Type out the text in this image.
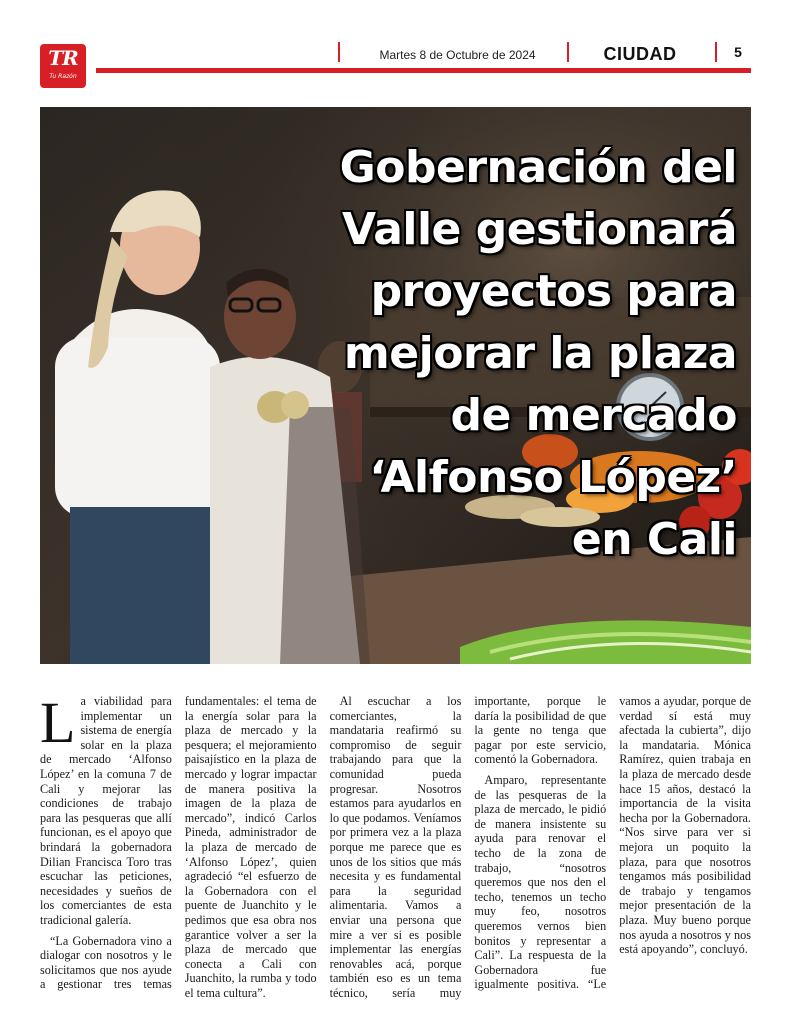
TR
Tu Razón
Martes 8 de Octubre de 2024	CIUDAD	5
Gobernación del
Valle gestionará
proyectos para
mejorar la plaza
de mercado
‘Alfonso López’
en Cali

La viabilidad para implementar un sistema de energía solar en la plaza de mercado ‘Alfonso López’ en la comuna 7 de Cali y mejorar las condiciones de trabajo para las pesqueras que allí funcionan, es el apoyo que brindará la gobernadora Dilian Francisca Toro tras escuchar las peticiones, necesidades y sueños de los comerciantes de esta tradicional galería.

“La Gobernadora vino a dialogar con nosotros y le solicitamos que nos ayude a gestionar tres temas fundamentales: el tema de la energía solar para la plaza de mercado y la pesquera; el mejoramiento paisajístico en la plaza de mercado y lograr impactar de manera positiva la imagen de la plaza de mercado”, indicó Carlos Pineda, administrador de la plaza de mercado de ‘Alfonso López’, quien agradeció “el esfuerzo de la Gobernadora con el puente de Juanchito y le pedimos que esa obra nos garantice volver a ser la plaza de mercado que conecta a Cali con Juanchito, la rumba y todo el tema cultura”.

Al escuchar a los comerciantes, la mandataria reafirmó su compromiso de seguir trabajando para que la comunidad pueda progresar. Nosotros estamos para ayudarlos en lo que podamos. Veníamos por primera vez a la plaza porque me parece que es unos de los sitios que más necesita y es fundamental para la seguridad alimentaria. Vamos a enviar una persona que mire a ver si es posible implementar las energías renovables acá, porque también eso es un tema técnico, sería muy importante, porque le daría la posibilidad de que la gente no tenga que pagar por este servicio, comentó la Gobernadora.

Amparo, representante de las pesqueras de la plaza de mercado, le pidió de manera insistente su ayuda para renovar el techo de la zona de trabajo, “nosotros queremos que nos den el techo, tenemos un techo muy feo, nosotros queremos vernos bien bonitos y representar a Cali”. La respuesta de la Gobernadora fue igualmente positiva. “Le vamos a ayudar, porque de verdad sí está muy afectada la cubierta”, dijo la mandataria. Mónica Ramírez, quien trabaja en la plaza de mercado desde hace 15 años, destacó la importancia de la visita hecha por la Gobernadora. “Nos sirve para ver si mejora un poquito la plaza, para que nosotros tengamos más posibilidad de trabajo y tengamos mejor presentación de la plaza. Muy bueno porque nos ayuda a nosotros y nos está apoyando”, concluyó.
